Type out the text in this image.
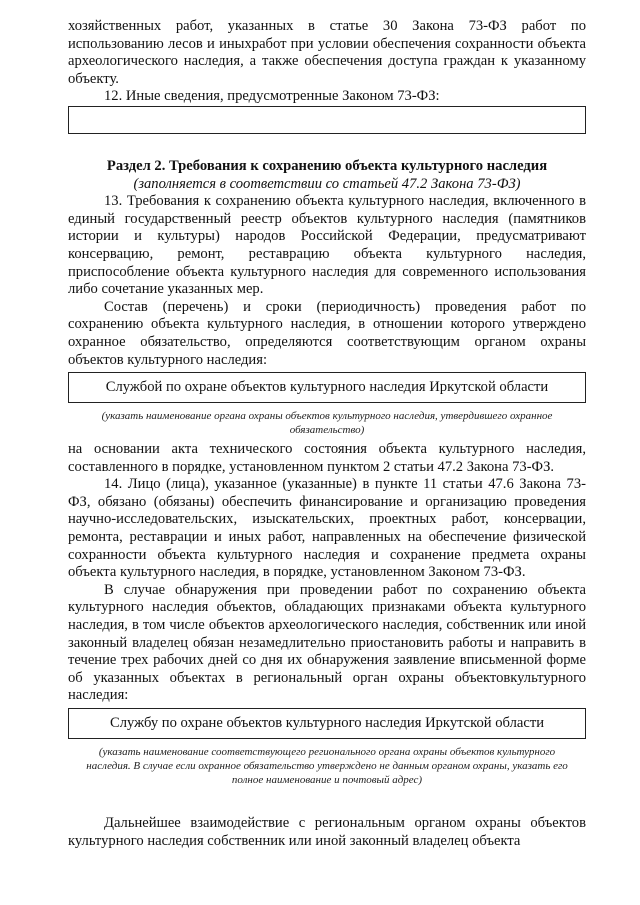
хозяйственных работ, указанных в статье 30 Закона 73-ФЗ работ по использованию лесов и иныхработ при условии обеспечения сохранности объекта археологического наследия, а также обеспечения доступа граждан к указанному объекту.

12. Иные сведения, предусмотренные Законом 73-ФЗ:

Раздел 2. Требования к сохранению объекта культурного наследия

(заполняется в соответствии со статьей 47.2 Закона 73-ФЗ)

13. Требования к сохранению объекта культурного наследия, включенного в единый государственный реестр объектов культурного наследия (памятников истории и культуры) народов Российской Федерации, предусматривают консервацию, ремонт, реставрацию объекта культурного наследия, приспособление объекта культурного наследия для современного использования либо сочетание указанных мер.

Состав (перечень) и сроки (периодичность) проведения работ по сохранению объекта культурного наследия, в отношении которого утверждено охранное обязательство, определяются соответствующим органом охраны объектов культурного наследия:

Службой по охране объектов культурного наследия Иркутской области

(указать наименование органа охраны объектов культурного наследия, утвердившего охранное обязательство)

на основании акта технического состояния объекта культурного наследия, составленного в порядке, установленном пунктом 2 статьи 47.2 Закона 73-ФЗ.

14. Лицо (лица), указанное (указанные) в пункте 11 статьи 47.6 Закона 73-ФЗ, обязано (обязаны) обеспечить финансирование и организацию проведения научно-исследовательских, изыскательских, проектных работ, консервации, ремонта, реставрации и иных работ, направленных на обеспечение физической сохранности объекта культурного наследия и сохранение предмета охраны объекта культурного наследия, в порядке, установленном Законом 73-ФЗ.

В случае обнаружения при проведении работ по сохранению объекта культурного наследия объектов, обладающих признаками объекта культурного наследия, в том числе объектов археологического наследия, собственник или иной законный владелец обязан незамедлительно приостановить работы и направить в течение трех рабочих дней со дня их обнаружения заявление вписьменной форме об указанных объектах в региональный орган охраны объектовкультурного наследия:

Службу по охране объектов культурного наследия Иркутской области

(указать наименование соответствующего регионального органа охраны объектов культурного наследия. В случае если охранное обязательство утверждено не данным органом охраны, указать его полное наименование и почтовый адрес)

Дальнейшее взаимодействие с региональным органом охраны объектов культурного наследия собственник или иной законный владелец объекта
